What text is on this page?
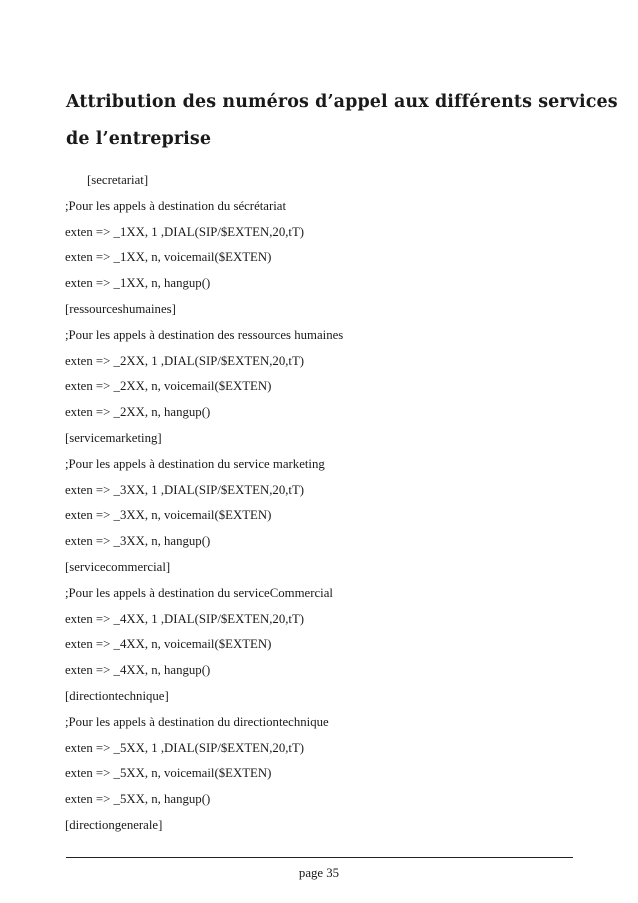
Attribution des numéros d’appel aux différents services
de l’entreprise
[secretariat]
;Pour les appels à destination du sécrétariat
exten => _1XX, 1 ,DIAL(SIP/$EXTEN,20,tT)
exten => _1XX, n, voicemail($EXTEN)
exten => _1XX, n, hangup()
[ressourceshumaines]
;Pour les appels à destination des ressources humaines
exten => _2XX, 1 ,DIAL(SIP/$EXTEN,20,tT)
exten => _2XX, n, voicemail($EXTEN)
exten => _2XX, n, hangup()
[servicemarketing]
;Pour les appels à destination du service marketing
exten => _3XX, 1 ,DIAL(SIP/$EXTEN,20,tT)
exten => _3XX, n, voicemail($EXTEN)
exten => _3XX, n, hangup()
[servicecommercial]
;Pour les appels à destination du serviceCommercial
exten => _4XX, 1 ,DIAL(SIP/$EXTEN,20,tT)
exten => _4XX, n, voicemail($EXTEN)
exten => _4XX, n, hangup()
[directiontechnique]
;Pour les appels à destination du directiontechnique
exten => _5XX, 1 ,DIAL(SIP/$EXTEN,20,tT)
exten => _5XX, n, voicemail($EXTEN)
exten => _5XX, n, hangup()
[directiongenerale]
page 35
